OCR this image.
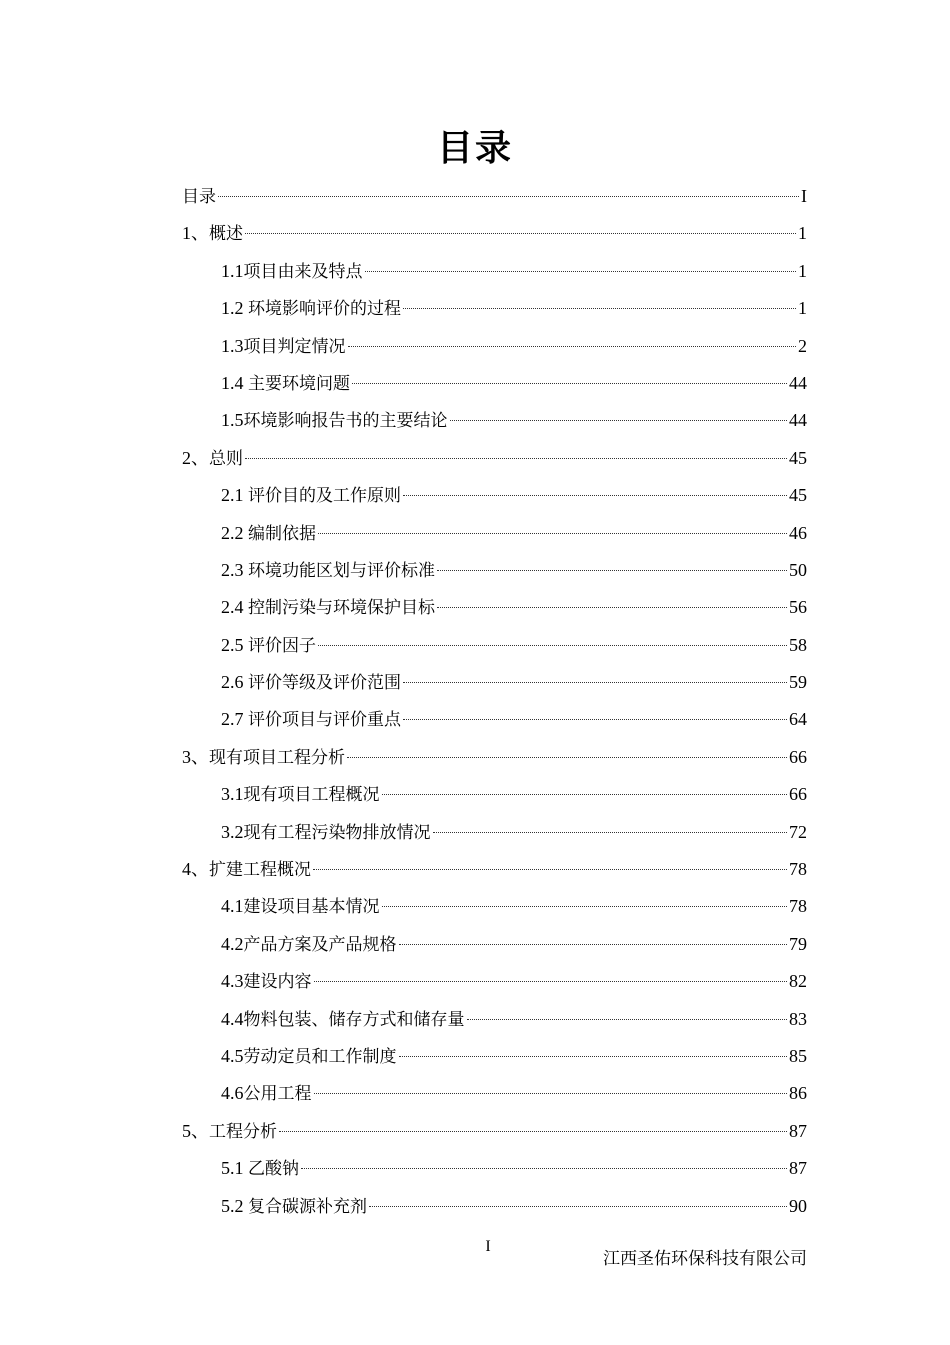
目录
目录	I
1、概述	1
1.1项目由来及特点	1
1.2 环境影响评价的过程	1
1.3项目判定情况	2
1.4 主要环境问题	44
1.5环境影响报告书的主要结论	44
2、总则	45
2.1 评价目的及工作原则	45
2.2 编制依据	46
2.3 环境功能区划与评价标准	50
2.4 控制污染与环境保护目标	56
2.5 评价因子	58
2.6 评价等级及评价范围	59
2.7 评价项目与评价重点	64
3、现有项目工程分析	66
3.1现有项目工程概况	66
3.2现有工程污染物排放情况	72
4、扩建工程概况	78
4.1建设项目基本情况	78
4.2产品方案及产品规格	79
4.3建设内容	82
4.4物料包装、储存方式和储存量	83
4.5劳动定员和工作制度	85
4.6公用工程	86
5、工程分析	87
5.1 乙酸钠	87
5.2 复合碳源补充剂	90
I
江西圣佑环保科技有限公司
